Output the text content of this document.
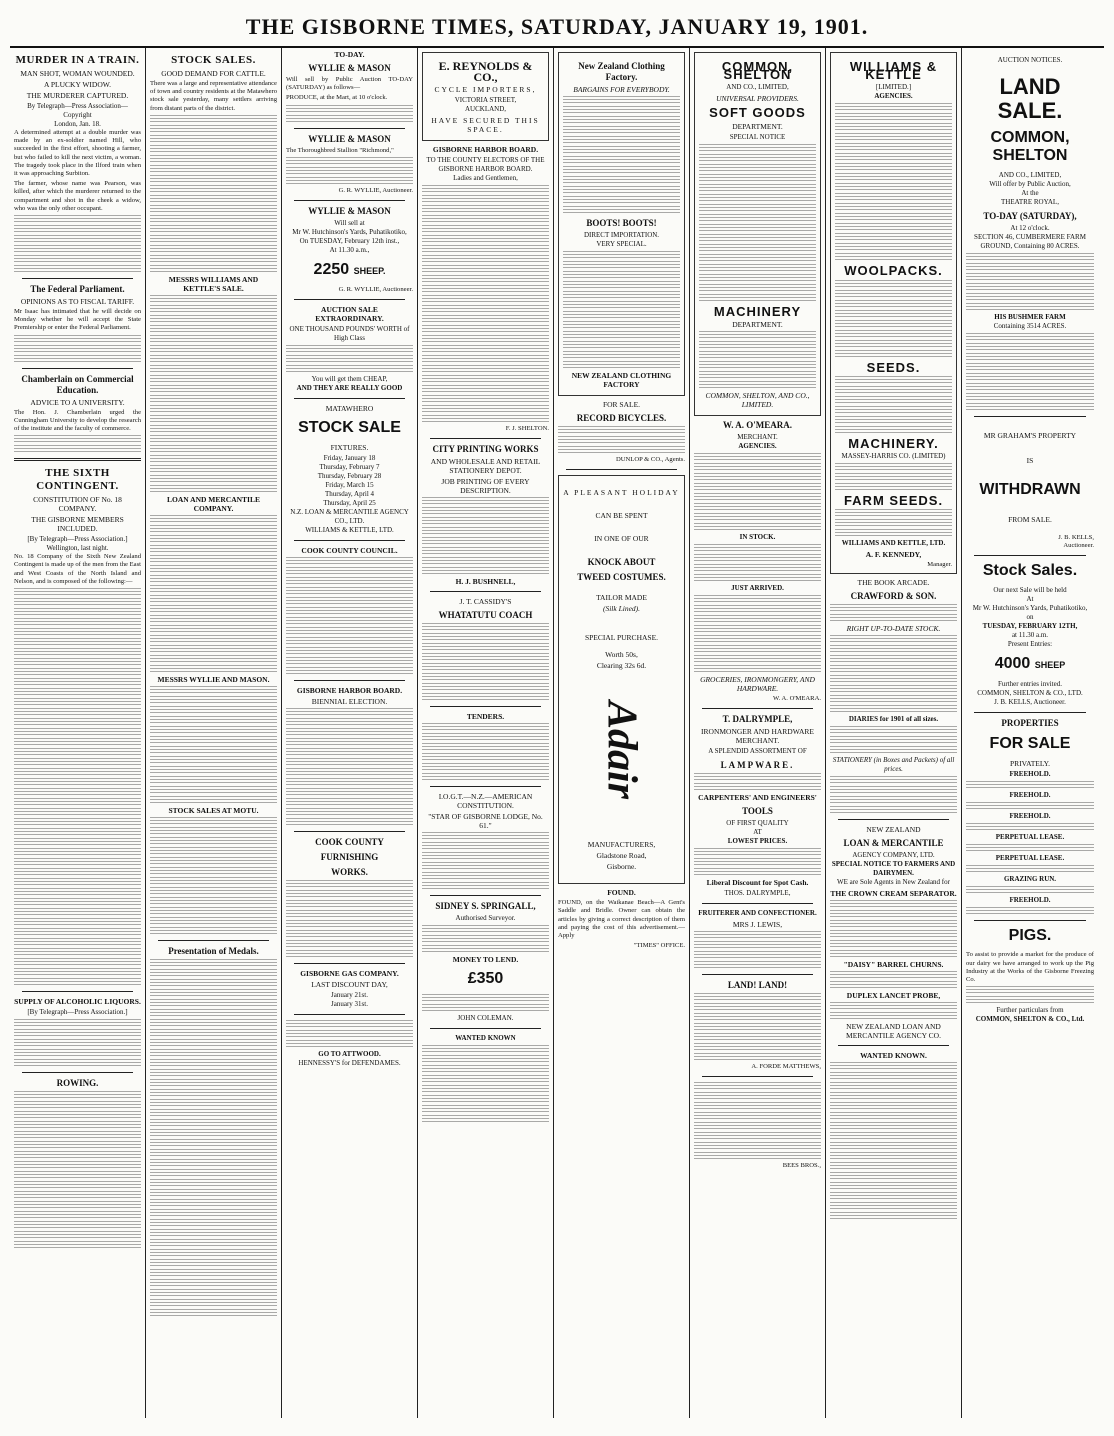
THE GISBORNE TIMES, SATURDAY, JANUARY 19, 1901.
MURDER IN A TRAIN.
MAN SHOT, WOMAN WOUNDED.
A PLUCKY WIDOW.
THE MURDERER CAPTURED.
By Telegraph—Press Association—Copyright
London, Jan. 18.

A determined attempt at a double murder was made by an ex-soldier named Hill, who succeeded in the first effort, shooting a farmer, but who failed to kill the next victim, a woman. The tragedy took place in the Ilford train when it was approaching Surbiton.

The farmer, whose name was Pearson, was killed, after which the murderer returned to the compartment and shot in the cheek a widow, who was the only other occupant.

The Federal Parliament.
OPINIONS AS TO FISCAL TARIFF.

Mr Isaac has intimated that he will decide on Monday whether he will accept the State Premiership or enter the Federal Parliament.

Chamberlain on Commercial Education.
ADVICE TO A UNIVERSITY.

The Hon. J. Chamberlain urged the Cunningham University to develop the research of the institute and the faculty of commerce.

THE SIXTH CONTINGENT.
CONSTITUTION OF No. 18 COMPANY.
THE GISBORNE MEMBERS INCLUDED.
[By Telegraph—Press Association.]
Wellington, last night.

No. 18 Company of the Sixth New Zealand Contingent is made up of the men from the East and West Coasts of the North Island and Nelson, and is composed of the following:—

SUPPLY OF ALCOHOLIC LIQUORS.
[By Telegraph—Press Association.]
ROWING.
STOCK SALES.
GOOD DEMAND FOR CATTLE.

There was a large and representative attendance of town and country residents at the Matawhero stock sale yesterday, many settlers arriving from distant parts of the district.

MESSRS WILLIAMS AND KETTLE'S SALE.
LOAN AND MERCANTILE COMPANY.
MESSRS WYLLIE AND MASON.
STOCK SALES AT MOTU.
Presentation of Medals.
TO-DAY.
WYLLIE & MASON

Will sell by Public Auction TO-DAY (SATURDAY) as follows—

PRODUCE, at the Mart, at 10 o'clock.

WYLLIE & MASON

The Thoroughbred Stallion "Richmond,"

G. R. WYLLIE, Auctioneer.
WYLLIE & MASON
Will sell at
Mr W. Hutchinson's Yards, Puhatikotiko,
On TUESDAY, February 12th inst.,
At 11.30 a.m.,
2250 SHEEP.
G. R. WYLLIE, Auctioneer.
AUCTION SALE EXTRAORDINARY.
ONE THOUSAND POUNDS' WORTH of High Class
You will get them CHEAP,
AND THEY ARE REALLY GOOD
MATAWHERO
STOCK SALE
FIXTURES.
Friday, January 18
Thursday, February 7
Thursday, February 28
Friday, March 15
Thursday, April 4
Thursday, April 25
N.Z. LOAN & MERCANTILE AGENCY CO., LTD.
WILLIAMS & KETTLE, LTD.
COOK COUNTY COUNCIL.
GISBORNE HARBOR BOARD.
BIENNIAL ELECTION.
COOK COUNTY
FURNISHING
WORKS.
GISBORNE GAS COMPANY.
LAST DISCOUNT DAY,
January 21st.
January 31st.
GO TO ATTWOOD.
HENNESSY'S for DEFENDAMES.
E. REYNOLDS & CO.,
CYCLE IMPORTERS,
VICTORIA STREET,
AUCKLAND,
HAVE SECURED THIS SPACE.
GISBORNE HARBOR BOARD.
TO THE COUNTY ELECTORS OF THE GISBORNE HARBOR BOARD.
Ladies and Gentlemen,
F. J. SHELTON.
CITY PRINTING WORKS
AND WHOLESALE AND RETAIL STATIONERY DEPOT.
JOB PRINTING OF EVERY DESCRIPTION.
H. J. BUSHNELL,
J. T. CASSIDY'S
WHATATUTU COACH
TENDERS.
I.O.G.T.—N.Z.—AMERICAN CONSTITUTION.
"STAR OF GISBORNE LODGE, No. 61."
SIDNEY S. SPRINGALL,
Authorised Surveyor.
MONEY TO LEND.
£350
JOHN COLEMAN.
WANTED KNOWN
New Zealand Clothing Factory.
BARGAINS FOR EVERYBODY.
BOOTS! BOOTS!
DIRECT IMPORTATION.
VERY SPECIAL.
NEW ZEALAND CLOTHING FACTORY
FOR SALE.
RECORD BICYCLES.
DUNLOP & CO., Agents.
A PLEASANT HOLIDAY
CAN BE SPENT
IN ONE OF OUR
KNOCK ABOUT
TWEED COSTUMES.
TAILOR MADE
(Silk Lined).
SPECIAL PURCHASE.
Worth 50s,
Clearing 32s 6d.
Adair
MANUFACTURERS,
Gladstone Road,
Gisborne.
FOUND.

FOUND, on the Waikanae Beach—A Gent's Saddle and Bridle. Owner can obtain the articles by giving a correct description of them and paying the cost of this advertisement.—Apply

"TIMES" OFFICE.
COMMON, SHELTON
AND CO., LIMITED,
UNIVERSAL PROVIDERS.
SOFT GOODS
DEPARTMENT.
SPECIAL NOTICE
MACHINERY
DEPARTMENT.
COMMON, SHELTON, AND CO., LIMITED.
W. A. O'MEARA.
MERCHANT.
AGENCIES.
IN STOCK.
JUST ARRIVED.
GROCERIES, IRONMONGERY, AND HARDWARE.
W. A. O'MEARA.
T. DALRYMPLE,
IRONMONGER AND HARDWARE MERCHANT.
A SPLENDID ASSORTMENT OF
LAMPWARE.
CARPENTERS' AND ENGINEERS'
TOOLS
OF FIRST QUALITY
AT
LOWEST PRICES.
Liberal Discount for Spot Cash.
THOS. DALRYMPLE,
FRUITERER AND CONFECTIONER.
MRS J. LEWIS,
LAND! LAND!
A. FORDE MATTHEWS,
BEES BROS.,
WILLIAMS & KETTLE
[LIMITED.]
AGENCIES.
WOOLPACKS.
SEEDS.
MACHINERY.
MASSEY-HARRIS CO. (LIMITED)
FARM SEEDS.
WILLIAMS AND KETTLE, LTD.
A. F. KENNEDY,
Manager.
THE BOOK ARCADE.
CRAWFORD & SON.
RIGHT UP-TO-DATE STOCK.
DIARIES for 1901 of all sizes.
STATIONERY (in Boxes and Packets) of all prices.
NEW ZEALAND
LOAN & MERCANTILE
AGENCY COMPANY, LTD.
SPECIAL NOTICE TO FARMERS AND DAIRYMEN.
WE are Sole Agents in New Zealand for
THE CROWN CREAM SEPARATOR.
"DAISY" BARREL CHURNS.
DUPLEX LANCET PROBE,
NEW ZEALAND LOAN AND MERCANTILE AGENCY CO.
WANTED KNOWN.
AUCTION NOTICES.
LAND SALE.
COMMON, SHELTON
AND CO., LIMITED,
Will offer by Public Auction,
At the
THEATRE ROYAL,
TO-DAY (SATURDAY),
At 12 o'clock.
SECTION 46, CUMBERMERE FARM GROUND, Containing 80 ACRES.
HIS BUSHMER FARM
Containing 3514 ACRES.
MR GRAHAM'S PROPERTY
IS
WITHDRAWN
FROM SALE.
J. B. KELLS,
Auctioneer.
Stock Sales.
Our next Sale will be held
At
Mr W. Hutchinson's Yards, Puhatikotiko,
on
TUESDAY, FEBRUARY 12TH,
at 11.30 a.m.
Present Entries:
4000 SHEEP
Further entries invited.
COMMON, SHELTON & CO., LTD.
J. B. KELLS, Auctioneer.
PROPERTIES
FOR SALE
PRIVATELY.
FREEHOLD.
FREEHOLD.
FREEHOLD.
PERPETUAL LEASE.
PERPETUAL LEASE.
GRAZING RUN.
FREEHOLD.
PIGS.

To assist to provide a market for the produce of our dairy we have arranged to work up the Pig Industry at the Works of the Gisborne Freezing Co.

Further particulars from
COMMON, SHELTON & CO., Ltd.
